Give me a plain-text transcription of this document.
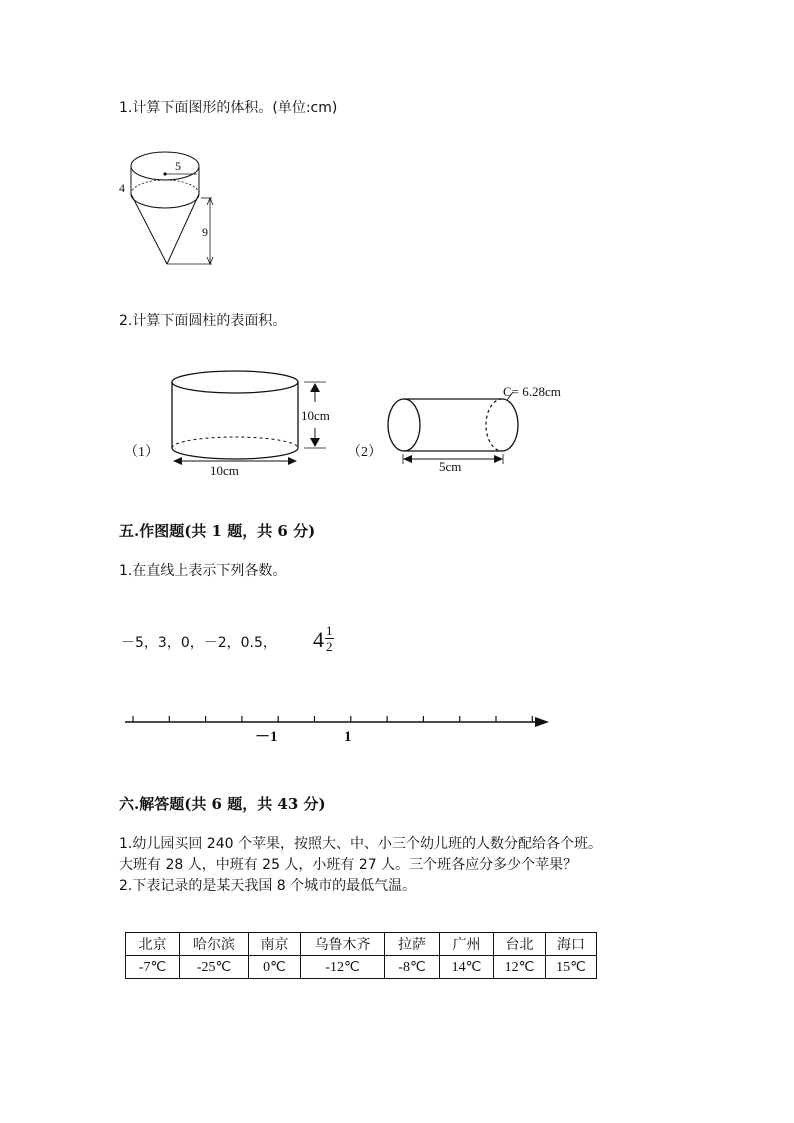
1.计算下面图形的体积。(单位:cm)
5
4
9
2.计算下面圆柱的表面积。
（1）
10cm
10cm
（2）
C= 6.28cm
5cm
五.作图题(共 1 题，共 6 分)
1.在直线上表示下列各数。
－5，3，0，－2，0.5， $4 \frac{1}{2}$
－1	1
六.解答题(共 6 题，共 43 分)
1.幼儿园买回 240 个苹果，按照大、中、小三个幼儿班的人数分配给各个班。
大班有 28 人，中班有 25 人，小班有 27 人。三个班各应分多少个苹果？
2.下表记录的是某天我国 8 个城市的最低气温。
北京	哈尔滨	南京	乌鲁木齐	拉萨	广州	台北	海口
-7℃	-25℃	0℃	-12℃	-8℃	14℃	12℃	15℃
